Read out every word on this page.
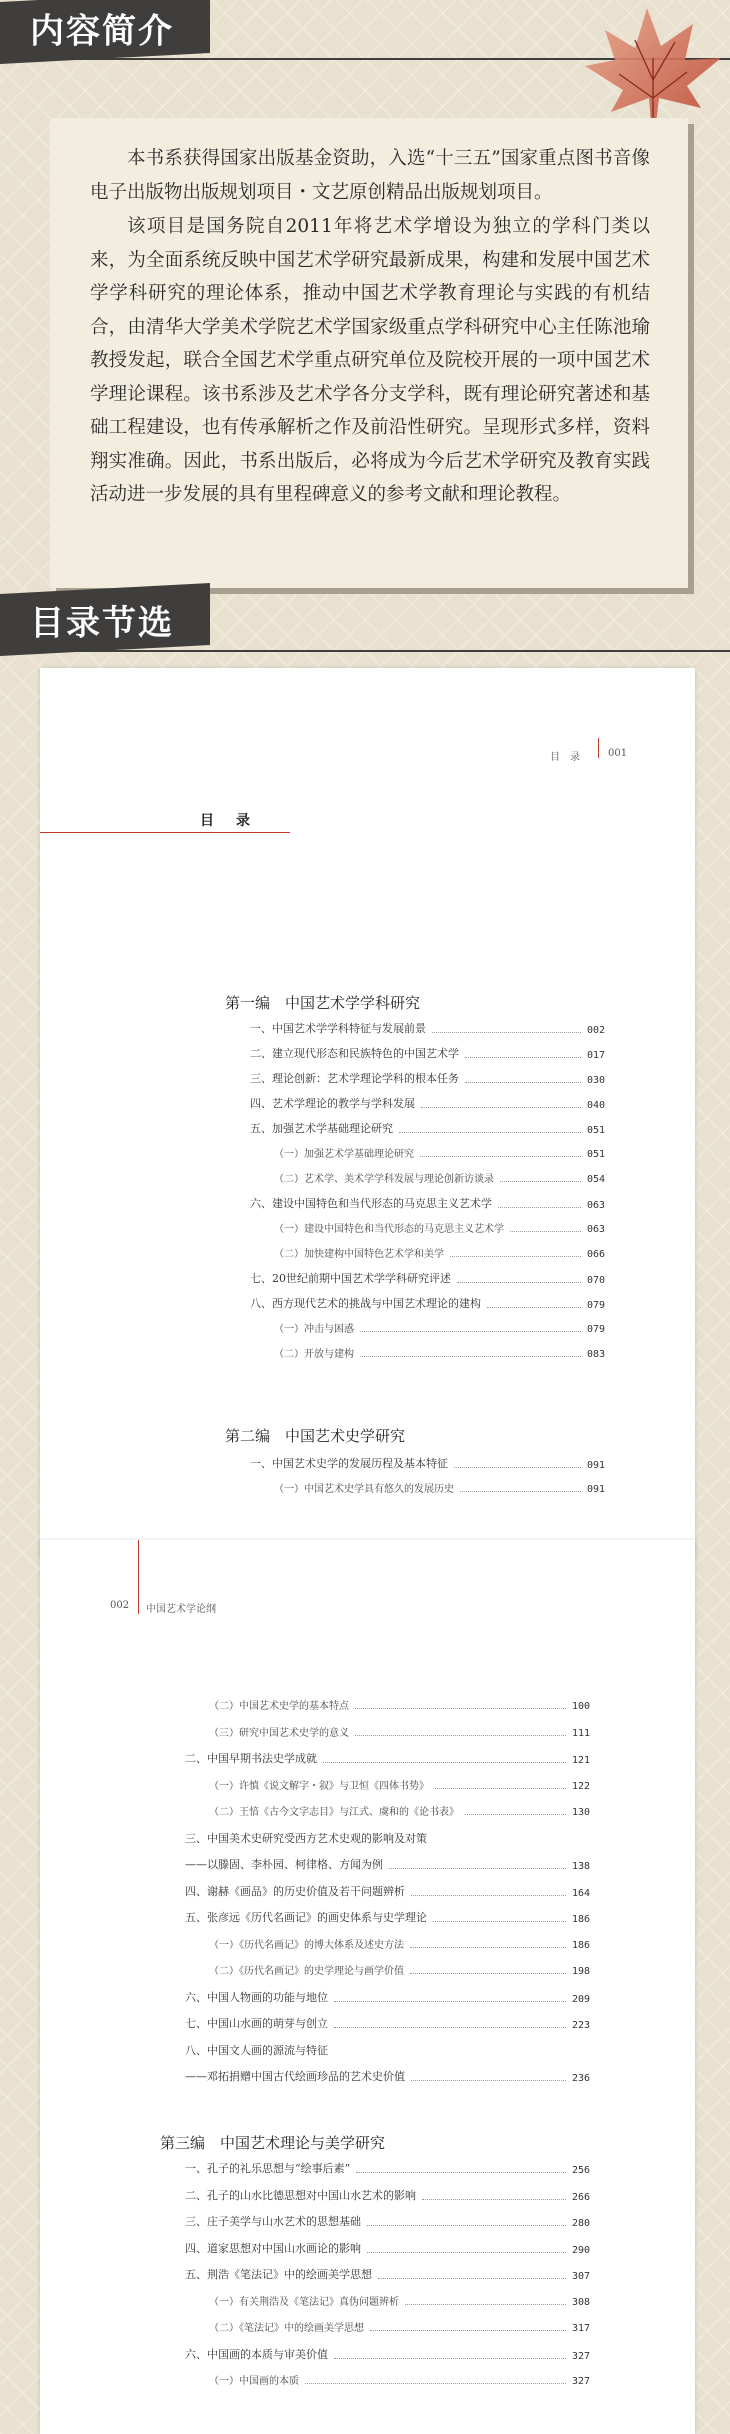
内容简介

本书系获得国家出版基金资助，入选“十三五”国家重点图书音像电子出版物出版规划项目・文艺原创精品出版规划项目。

该项目是国务院自2011年将艺术学增设为独立的学科门类以来，为全面系统反映中国艺术学研究最新成果，构建和发展中国艺术学学科研究的理论体系，推动中国艺术学教育理论与实践的有机结合，由清华大学美术学院艺术学国家级重点学科研究中心主任陈池瑜教授发起，联合全国艺术学重点研究单位及院校开展的一项中国艺术学理论课程。该书系涉及艺术学各分支学科，既有理论研究著述和基础工程建设，也有传承解析之作及前沿性研究。呈现形式多样，资料翔实准确。因此，书系出版后，必将成为今后艺术学研究及教育实践活动进一步发展的具有里程碑意义的参考文献和理论教程。

目录节选
目　录	001
目　录
第一编　中国艺术学学科研究
一、中国艺术学学科特征与发展前景	002
二、建立现代形态和民族特色的中国艺术学	017
三、理论创新：艺术学理论学科的根本任务	030
四、艺术学理论的教学与学科发展	040
五、加强艺术学基础理论研究	051
（一）加强艺术学基础理论研究	051
（二）艺术学、美术学学科发展与理论创新访谈录	054
六、建设中国特色和当代形态的马克思主义艺术学	063
（一）建设中国特色和当代形态的马克思主义艺术学	063
（二）加快建构中国特色艺术学和美学	066
七、20世纪前期中国艺术学学科研究评述	070
八、西方现代艺术的挑战与中国艺术理论的建构	079
（一）冲击与困惑	079
（二）开放与建构	083
第二编　中国艺术史学研究
一、中国艺术史学的发展历程及基本特征	091
（一）中国艺术史学具有悠久的发展历史	091
002 中国艺术学论纲
（二）中国艺术史学的基本特点	100
（三）研究中国艺术史学的意义	111
二、中国早期书法史学成就	121
（一）许慎《说文解字・叙》与卫恒《四体书势》	122
（二）王愔《古今文字志目》与江式、虞和的《论书表》	130
三、中国美术史研究受西方艺术史观的影响及对策
——以滕固、李朴园、柯律格、方闻为例	138
四、谢赫《画品》的历史价值及若干问题辨析	164
五、张彦远《历代名画记》的画史体系与史学理论	186
（一）《历代名画记》的博大体系及述史方法	186
（二）《历代名画记》的史学理论与画学价值	198
六、中国人物画的功能与地位	209
七、中国山水画的萌芽与创立	223
八、中国文人画的源流与特征
——邓拓捐赠中国古代绘画珍品的艺术史价值	236
第三编　中国艺术理论与美学研究
一、孔子的礼乐思想与“绘事后素”	256
二、孔子的山水比德思想对中国山水艺术的影响	266
三、庄子美学与山水艺术的思想基础	280
四、道家思想对中国山水画论的影响	290
五、荆浩《笔法记》中的绘画美学思想	307
（一）有关荆浩及《笔法记》真伪问题辨析	308
（二）《笔法记》中的绘画美学思想	317
六、中国画的本质与审美价值	327
（一）中国画的本质	327
